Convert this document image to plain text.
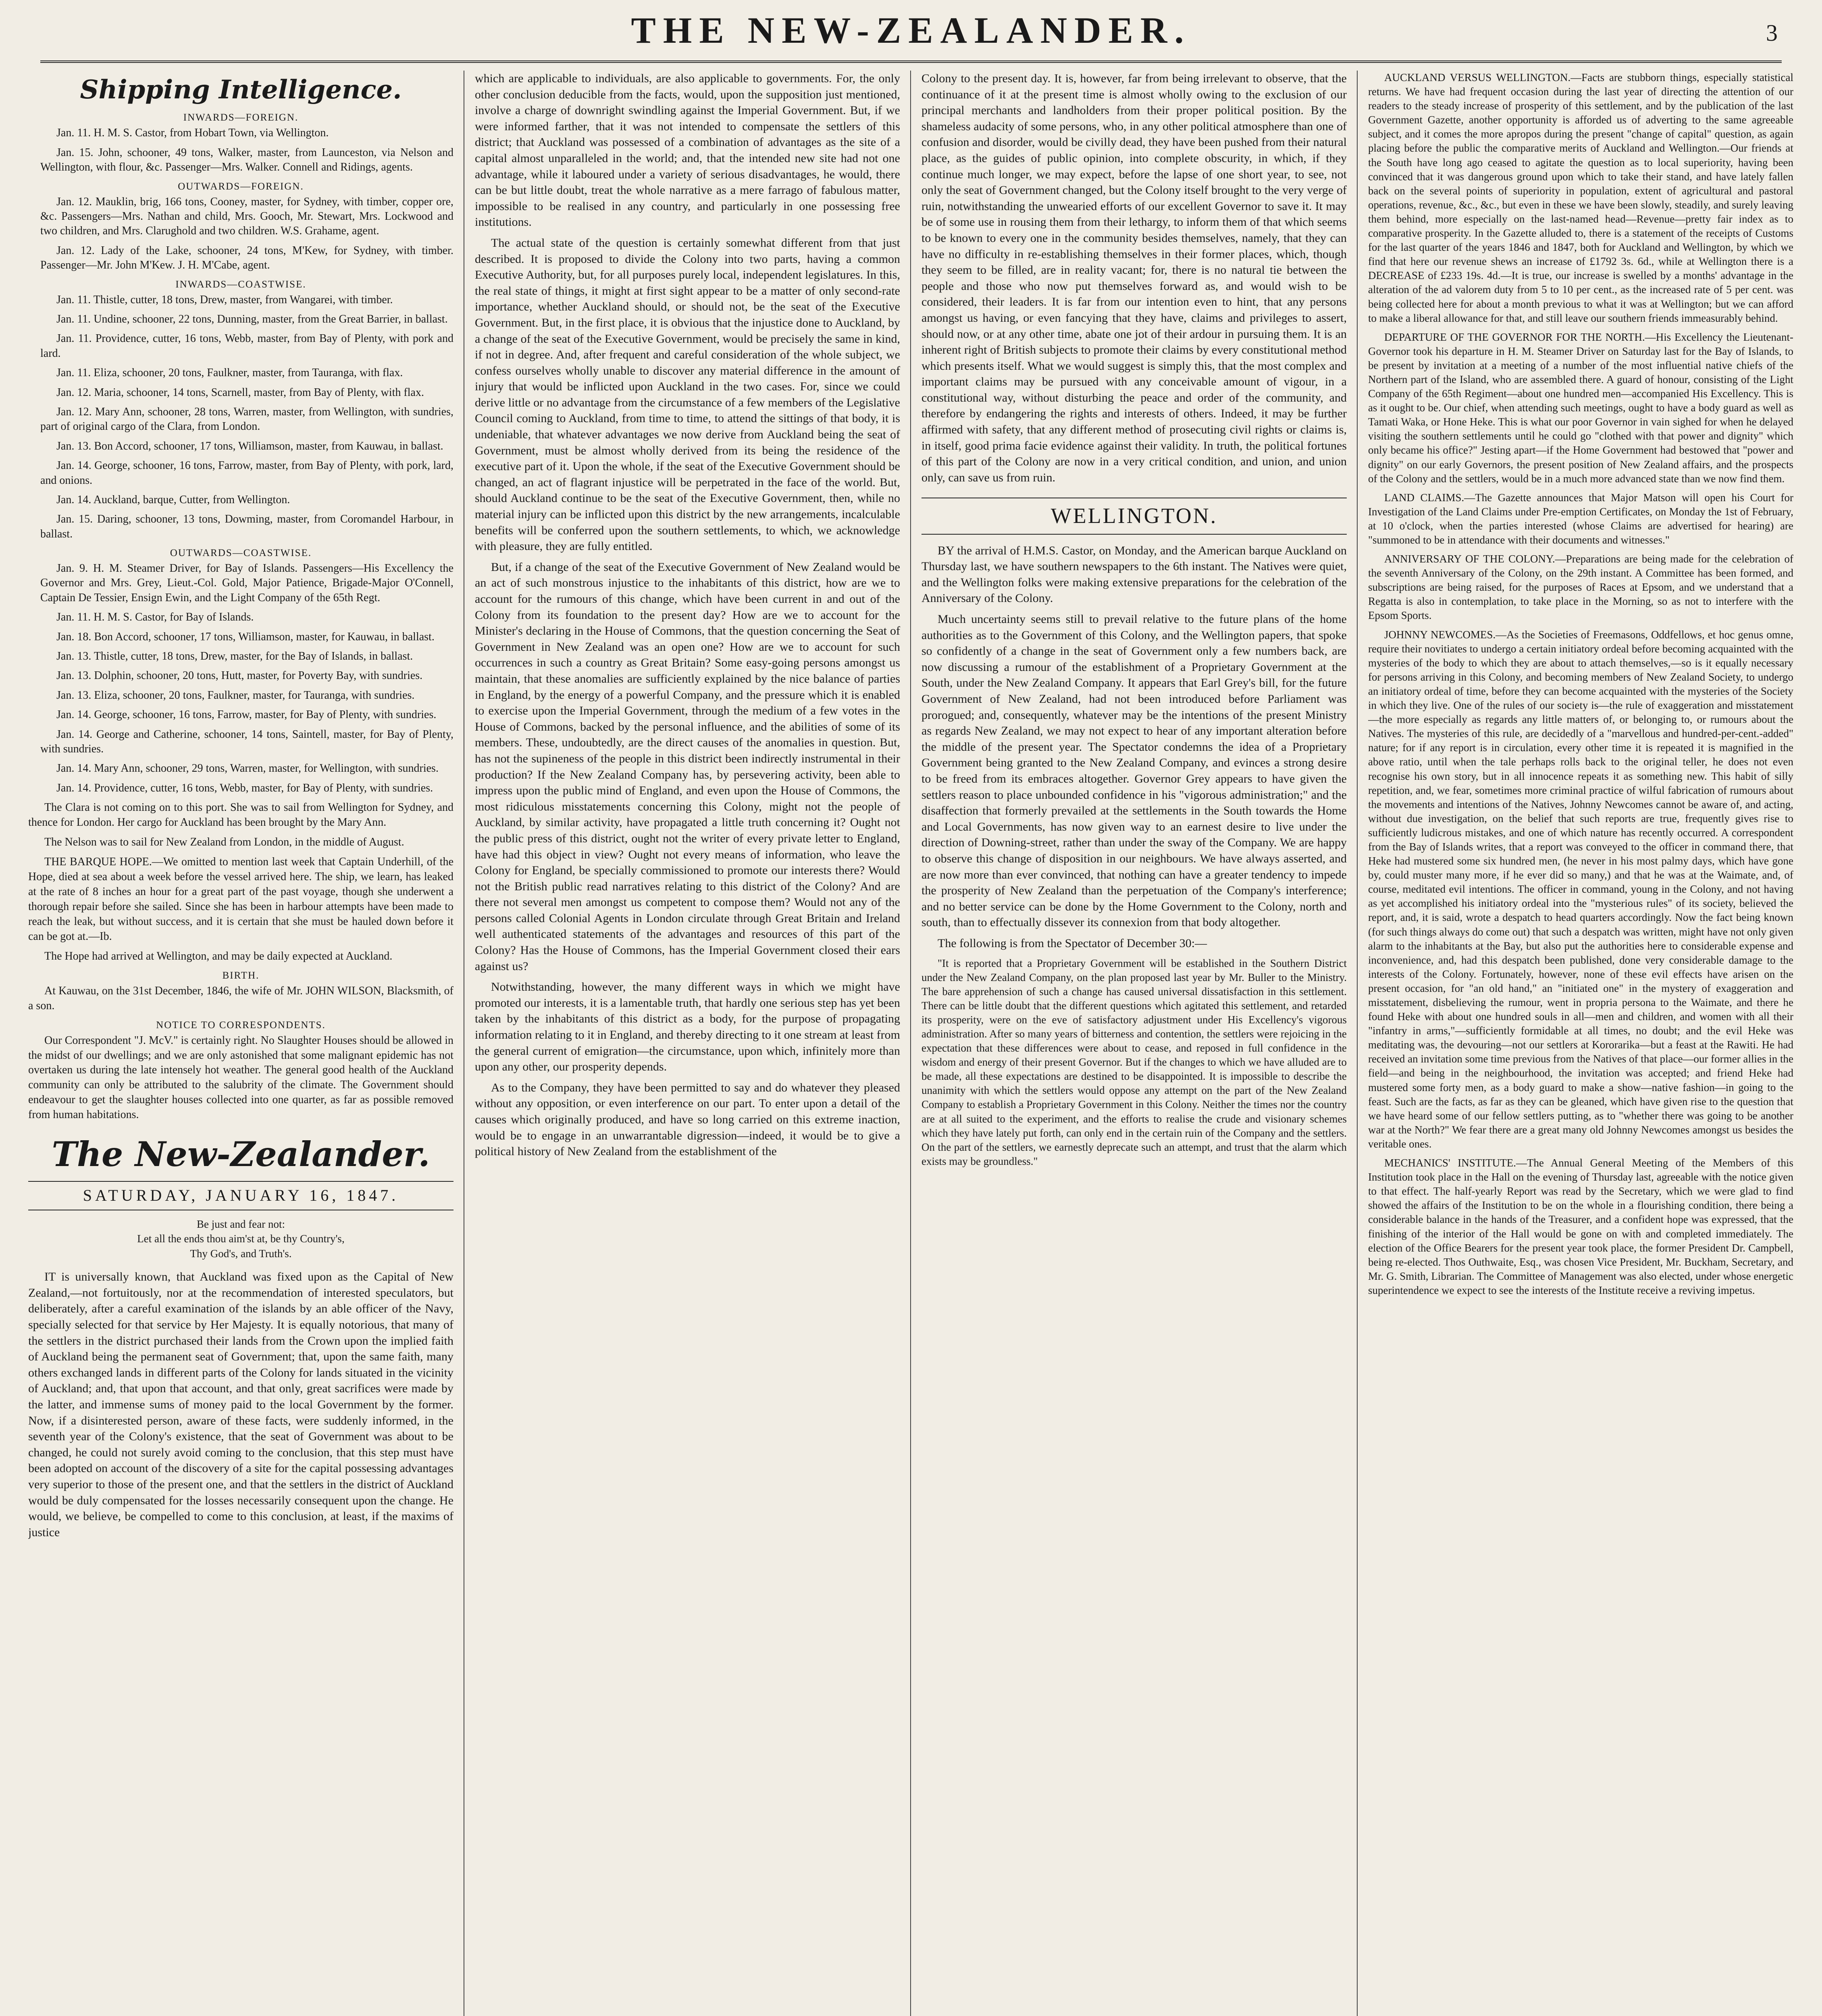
THE NEW-ZEALANDER.	3
Shipping Intelligence.
INWARDS—FOREIGN.

Jan. 11. H. M. S. Castor, from Hobart Town, via Wellington.

Jan. 15. John, schooner, 49 tons, Walker, master, from Launceston, via Nelson and Wellington, with flour, &c. Passenger—Mrs. Walker. Connell and Ridings, agents.

OUTWARDS—FOREIGN.

Jan. 12. Mauklin, brig, 166 tons, Cooney, master, for Sydney, with timber, copper ore, &c. Passengers—Mrs. Nathan and child, Mrs. Gooch, Mr. Stewart, Mrs. Lockwood and two children, and Mrs. Clarughold and two children. W.S. Grahame, agent.

Jan. 12. Lady of the Lake, schooner, 24 tons, M'Kew, for Sydney, with timber. Passenger—Mr. John M'Kew. J. H. M'Cabe, agent.

INWARDS—COASTWISE.

Jan. 11. Thistle, cutter, 18 tons, Drew, master, from Wangarei, with timber.

Jan. 11. Undine, schooner, 22 tons, Dunning, master, from the Great Barrier, in ballast.

Jan. 11. Providence, cutter, 16 tons, Webb, master, from Bay of Plenty, with pork and lard.

Jan. 11. Eliza, schooner, 20 tons, Faulkner, master, from Tauranga, with flax.

Jan. 12. Maria, schooner, 14 tons, Scarnell, master, from Bay of Plenty, with flax.

Jan. 12. Mary Ann, schooner, 28 tons, Warren, master, from Wellington, with sundries, part of original cargo of the Clara, from London.

Jan. 13. Bon Accord, schooner, 17 tons, Williamson, master, from Kauwau, in ballast.

Jan. 14. George, schooner, 16 tons, Farrow, master, from Bay of Plenty, with pork, lard, and onions.

Jan. 14. Auckland, barque, Cutter, from Wellington.

Jan. 15. Daring, schooner, 13 tons, Dowming, master, from Coromandel Harbour, in ballast.

OUTWARDS—COASTWISE.

Jan. 9. H. M. Steamer Driver, for Bay of Islands. Passengers—His Excellency the Governor and Mrs. Grey, Lieut.-Col. Gold, Major Patience, Brigade-Major O'Connell, Captain De Tessier, Ensign Ewin, and the Light Company of the 65th Regt.

Jan. 11. H. M. S. Castor, for Bay of Islands.

Jan. 18. Bon Accord, schooner, 17 tons, Williamson, master, for Kauwau, in ballast.

Jan. 13. Thistle, cutter, 18 tons, Drew, master, for the Bay of Islands, in ballast.

Jan. 13. Dolphin, schooner, 20 tons, Hutt, master, for Poverty Bay, with sundries.

Jan. 13. Eliza, schooner, 20 tons, Faulkner, master, for Tauranga, with sundries.

Jan. 14. George, schooner, 16 tons, Farrow, master, for Bay of Plenty, with sundries.

Jan. 14. George and Catherine, schooner, 14 tons, Saintell, master, for Bay of Plenty, with sundries.

Jan. 14. Mary Ann, schooner, 29 tons, Warren, master, for Wellington, with sundries.

Jan. 14. Providence, cutter, 16 tons, Webb, master, for Bay of Plenty, with sundries.

The Clara is not coming on to this port. She was to sail from Wellington for Sydney, and thence for London. Her cargo for Auckland has been brought by the Mary Ann.

The Nelson was to sail for New Zealand from London, in the middle of August.

THE BARQUE HOPE.—We omitted to mention last week that Captain Underhill, of the Hope, died at sea about a week before the vessel arrived here. The ship, we learn, has leaked at the rate of 8 inches an hour for a great part of the past voyage, though she underwent a thorough repair before she sailed. Since she has been in harbour attempts have been made to reach the leak, but without success, and it is certain that she must be hauled down before it can be got at.—Ib.

The Hope had arrived at Wellington, and may be daily expected at Auckland.

BIRTH.

At Kauwau, on the 31st December, 1846, the wife of Mr. JOHN WILSON, Blacksmith, of a son.

NOTICE TO CORRESPONDENTS.

Our Correspondent "J. McV." is certainly right. No Slaughter Houses should be allowed in the midst of our dwellings; and we are only astonished that some malignant epidemic has not overtaken us during the late intensely hot weather. The general good health of the Auckland community can only be attributed to the salubrity of the climate. The Government should endeavour to get the slaughter houses collected into one quarter, as far as possible removed from human habitations.

The New-Zealander.
SATURDAY, JANUARY 16, 1847.
Be just and fear not:
Let all the ends thou aim'st at, be thy Country's,
Thy God's, and Truth's.

IT is universally known, that Auckland was fixed upon as the Capital of New Zealand,—not fortuitously, nor at the recommendation of interested speculators, but deliberately, after a careful examination of the islands by an able officer of the Navy, specially selected for that service by Her Majesty. It is equally notorious, that many of the settlers in the district purchased their lands from the Crown upon the implied faith of Auckland being the permanent seat of Government; that, upon the same faith, many others exchanged lands in different parts of the Colony for lands situated in the vicinity of Auckland; and, that upon that account, and that only, great sacrifices were made by the latter, and immense sums of money paid to the local Government by the former. Now, if a disinterested person, aware of these facts, were suddenly informed, in the seventh year of the Colony's existence, that the seat of Government was about to be changed, he could not surely avoid coming to the conclusion, that this step must have been adopted on account of the discovery of a site for the capital possessing advantages very superior to those of the present one, and that the settlers in the district of Auckland would be duly compensated for the losses necessarily consequent upon the change. He would, we believe, be compelled to come to this conclusion, at least, if the maxims of justice

which are applicable to individuals, are also applicable to governments. For, the only other conclusion deducible from the facts, would, upon the supposition just mentioned, involve a charge of downright swindling against the Imperial Government. But, if we were informed farther, that it was not intended to compensate the settlers of this district; that Auckland was possessed of a combination of advantages as the site of a capital almost unparalleled in the world; and, that the intended new site had not one advantage, while it laboured under a variety of serious disadvantages, he would, there can be but little doubt, treat the whole narrative as a mere farrago of fabulous matter, impossible to be realised in any country, and particularly in one possessing free institutions.

The actual state of the question is certainly somewhat different from that just described. It is proposed to divide the Colony into two parts, having a common Executive Authority, but, for all purposes purely local, independent legislatures. In this, the real state of things, it might at first sight appear to be a matter of only second-rate importance, whether Auckland should, or should not, be the seat of the Executive Government. But, in the first place, it is obvious that the injustice done to Auckland, by a change of the seat of the Executive Government, would be precisely the same in kind, if not in degree. And, after frequent and careful consideration of the whole subject, we confess ourselves wholly unable to discover any material difference in the amount of injury that would be inflicted upon Auckland in the two cases. For, since we could derive little or no advantage from the circumstance of a few members of the Legislative Council coming to Auckland, from time to time, to attend the sittings of that body, it is undeniable, that whatever advantages we now derive from Auckland being the seat of Government, must be almost wholly derived from its being the residence of the executive part of it. Upon the whole, if the seat of the Executive Government should be changed, an act of flagrant injustice will be perpetrated in the face of the world. But, should Auckland continue to be the seat of the Executive Government, then, while no material injury can be inflicted upon this district by the new arrangements, incalculable benefits will be conferred upon the southern settlements, to which, we acknowledge with pleasure, they are fully entitled.

But, if a change of the seat of the Executive Government of New Zealand would be an act of such monstrous injustice to the inhabitants of this district, how are we to account for the rumours of this change, which have been current in and out of the Colony from its foundation to the present day? How are we to account for the Minister's declaring in the House of Commons, that the question concerning the Seat of Government in New Zealand was an open one? How are we to account for such occurrences in such a country as Great Britain? Some easy-going persons amongst us maintain, that these anomalies are sufficiently explained by the nice balance of parties in England, by the energy of a powerful Company, and the pressure which it is enabled to exercise upon the Imperial Government, through the medium of a few votes in the House of Commons, backed by the personal influence, and the abilities of some of its members. These, undoubtedly, are the direct causes of the anomalies in question. But, has not the supineness of the people in this district been indirectly instrumental in their production? If the New Zealand Company has, by persevering activity, been able to impress upon the public mind of England, and even upon the House of Commons, the most ridiculous misstatements concerning this Colony, might not the people of Auckland, by similar activity, have propagated a little truth concerning it? Ought not the public press of this district, ought not the writer of every private letter to England, have had this object in view? Ought not every means of information, who leave the Colony for England, be specially commissioned to promote our interests there? Would not the British public read narratives relating to this district of the Colony? And are there not several men amongst us competent to compose them? Would not any of the persons called Colonial Agents in London circulate through Great Britain and Ireland well authenticated statements of the advantages and resources of this part of the Colony? Has the House of Commons, has the Imperial Government closed their ears against us?

Notwithstanding, however, the many different ways in which we might have promoted our interests, it is a lamentable truth, that hardly one serious step has yet been taken by the inhabitants of this district as a body, for the purpose of propagating information relating to it in England, and thereby directing to it one stream at least from the general current of emigration—the circumstance, upon which, infinitely more than upon any other, our prosperity depends.

As to the Company, they have been permitted to say and do whatever they pleased without any opposition, or even interference on our part. To enter upon a detail of the causes which originally produced, and have so long carried on this extreme inaction, would be to engage in an unwarrantable digression—indeed, it would be to give a political history of New Zealand from the establishment of the

Colony to the present day. It is, however, far from being irrelevant to observe, that the continuance of it at the present time is almost wholly owing to the exclusion of our principal merchants and landholders from their proper political position. By the shameless audacity of some persons, who, in any other political atmosphere than one of confusion and disorder, would be civilly dead, they have been pushed from their natural place, as the guides of public opinion, into complete obscurity, in which, if they continue much longer, we may expect, before the lapse of one short year, to see, not only the seat of Government changed, but the Colony itself brought to the very verge of ruin, notwithstanding the unwearied efforts of our excellent Governor to save it. It may be of some use in rousing them from their lethargy, to inform them of that which seems to be known to every one in the community besides themselves, namely, that they can have no difficulty in re-establishing themselves in their former places, which, though they seem to be filled, are in reality vacant; for, there is no natural tie between the people and those who now put themselves forward as, and would wish to be considered, their leaders. It is far from our intention even to hint, that any persons amongst us having, or even fancying that they have, claims and privileges to assert, should now, or at any other time, abate one jot of their ardour in pursuing them. It is an inherent right of British subjects to promote their claims by every constitutional method which presents itself. What we would suggest is simply this, that the most complex and important claims may be pursued with any conceivable amount of vigour, in a constitutional way, without disturbing the peace and order of the community, and therefore by endangering the rights and interests of others. Indeed, it may be further affirmed with safety, that any different method of prosecuting civil rights or claims is, in itself, good prima facie evidence against their validity. In truth, the political fortunes of this part of the Colony are now in a very critical condition, and union, and union only, can save us from ruin.

WELLINGTON.

BY the arrival of H.M.S. Castor, on Monday, and the American barque Auckland on Thursday last, we have southern newspapers to the 6th instant. The Natives were quiet, and the Wellington folks were making extensive preparations for the celebration of the Anniversary of the Colony.

Much uncertainty seems still to prevail relative to the future plans of the home authorities as to the Government of this Colony, and the Wellington papers, that spoke so confidently of a change in the seat of Government only a few numbers back, are now discussing a rumour of the establishment of a Proprietary Government at the South, under the New Zealand Company. It appears that Earl Grey's bill, for the future Government of New Zealand, had not been introduced before Parliament was prorogued; and, consequently, whatever may be the intentions of the present Ministry as regards New Zealand, we may not expect to hear of any important alteration before the middle of the present year. The Spectator condemns the idea of a Proprietary Government being granted to the New Zealand Company, and evinces a strong desire to be freed from its embraces altogether. Governor Grey appears to have given the settlers reason to place unbounded confidence in his "vigorous administration;" and the disaffection that formerly prevailed at the settlements in the South towards the Home and Local Governments, has now given way to an earnest desire to live under the direction of Downing-street, rather than under the sway of the Company. We are happy to observe this change of disposition in our neighbours. We have always asserted, and are now more than ever convinced, that nothing can have a greater tendency to impede the prosperity of New Zealand than the perpetuation of the Company's interference; and no better service can be done by the Home Government to the Colony, north and south, than to effectually dissever its connexion from that body altogether.

The following is from the Spectator of December 30:—

"It is reported that a Proprietary Government will be established in the Southern District under the New Zealand Company, on the plan proposed last year by Mr. Buller to the Ministry. The bare apprehension of such a change has caused universal dissatisfaction in this settlement. There can be little doubt that the different questions which agitated this settlement, and retarded its prosperity, were on the eve of satisfactory adjustment under His Excellency's vigorous administration. After so many years of bitterness and contention, the settlers were rejoicing in the expectation that these differences were about to cease, and reposed in full confidence in the wisdom and energy of their present Governor. But if the changes to which we have alluded are to be made, all these expectations are destined to be disappointed. It is impossible to describe the unanimity with which the settlers would oppose any attempt on the part of the New Zealand Company to establish a Proprietary Government in this Colony. Neither the times nor the country are at all suited to the experiment, and the efforts to realise the crude and visionary schemes which they have lately put forth, can only end in the certain ruin of the Company and the settlers. On the part of the settlers, we earnestly deprecate such an attempt, and trust that the alarm which exists may be groundless."

AUCKLAND VERSUS WELLINGTON.—Facts are stubborn things, especially statistical returns. We have had frequent occasion during the last year of directing the attention of our readers to the steady increase of prosperity of this settlement, and by the publication of the last Government Gazette, another opportunity is afforded us of adverting to the same agreeable subject, and it comes the more apropos during the present "change of capital" question, as again placing before the public the comparative merits of Auckland and Wellington.—Our friends at the South have long ago ceased to agitate the question as to local superiority, having been convinced that it was dangerous ground upon which to take their stand, and have lately fallen back on the several points of superiority in population, extent of agricultural and pastoral operations, revenue, &c., &c., but even in these we have been slowly, steadily, and surely leaving them behind, more especially on the last-named head—Revenue—pretty fair index as to comparative prosperity. In the Gazette alluded to, there is a statement of the receipts of Customs for the last quarter of the years 1846 and 1847, both for Auckland and Wellington, by which we find that here our revenue shews an increase of £1792 3s. 6d., while at Wellington there is a DECREASE of £233 19s. 4d.—It is true, our increase is swelled by a months' advantage in the alteration of the ad valorem duty from 5 to 10 per cent., as the increased rate of 5 per cent. was being collected here for about a month previous to what it was at Wellington; but we can afford to make a liberal allowance for that, and still leave our southern friends immeasurably behind.

DEPARTURE OF THE GOVERNOR FOR THE NORTH.—His Excellency the Lieutenant-Governor took his departure in H. M. Steamer Driver on Saturday last for the Bay of Islands, to be present by invitation at a meeting of a number of the most influential native chiefs of the Northern part of the Island, who are assembled there. A guard of honour, consisting of the Light Company of the 65th Regiment—about one hundred men—accompanied His Excellency. This is as it ought to be. Our chief, when attending such meetings, ought to have a body guard as well as Tamati Waka, or Hone Heke. This is what our poor Governor in vain sighed for when he delayed visiting the southern settlements until he could go "clothed with that power and dignity" which only became his office?" Jesting apart—if the Home Government had bestowed that "power and dignity" on our early Governors, the present position of New Zealand affairs, and the prospects of the Colony and the settlers, would be in a much more advanced state than we now find them.

LAND CLAIMS.—The Gazette announces that Major Matson will open his Court for Investigation of the Land Claims under Pre-emption Certificates, on Monday the 1st of February, at 10 o'clock, when the parties interested (whose Claims are advertised for hearing) are "summoned to be in attendance with their documents and witnesses."

ANNIVERSARY OF THE COLONY.—Preparations are being made for the celebration of the seventh Anniversary of the Colony, on the 29th instant. A Committee has been formed, and subscriptions are being raised, for the purposes of Races at Epsom, and we understand that a Regatta is also in contemplation, to take place in the Morning, so as not to interfere with the Epsom Sports.

JOHNNY NEWCOMES.—As the Societies of Freemasons, Oddfellows, et hoc genus omne, require their novitiates to undergo a certain initiatory ordeal before becoming acquainted with the mysteries of the body to which they are about to attach themselves,—so is it equally necessary for persons arriving in this Colony, and becoming members of New Zealand Society, to undergo an initiatory ordeal of time, before they can become acquainted with the mysteries of the Society in which they live. One of the rules of our society is—the rule of exaggeration and misstatement—the more especially as regards any little matters of, or belonging to, or rumours about the Natives. The mysteries of this rule, are decidedly of a "marvellous and hundred-per-cent.-added" nature; for if any report is in circulation, every other time it is repeated it is magnified in the above ratio, until when the tale perhaps rolls back to the original teller, he does not even recognise his own story, but in all innocence repeats it as something new. This habit of silly repetition, and, we fear, sometimes more criminal practice of wilful fabrication of rumours about the movements and intentions of the Natives, Johnny Newcomes cannot be aware of, and acting, without due investigation, on the belief that such reports are true, frequently gives rise to sufficiently ludicrous mistakes, and one of which nature has recently occurred. A correspondent from the Bay of Islands writes, that a report was conveyed to the officer in command there, that Heke had mustered some six hundred men, (he never in his most palmy days, which have gone by, could muster many more, if he ever did so many,) and that he was at the Waimate, and, of course, meditated evil intentions. The officer in command, young in the Colony, and not having as yet accomplished his initiatory ordeal into the "mysterious rules" of its society, believed the report, and, it is said, wrote a despatch to head quarters accordingly. Now the fact being known (for such things always do come out) that such a despatch was written, might have not only given alarm to the inhabitants at the Bay, but also put the authorities here to considerable expense and inconvenience, and, had this despatch been published, done very considerable damage to the interests of the Colony. Fortunately, however, none of these evil effects have arisen on the present occasion, for "an old hand," an "initiated one" in the mystery of exaggeration and misstatement, disbelieving the rumour, went in propria persona to the Waimate, and there he found Heke with about one hundred souls in all—men and children, and women with all their "infantry in arms,"—sufficiently formidable at all times, no doubt; and the evil Heke was meditating was, the devouring—not our settlers at Kororarika—but a feast at the Rawiti. He had received an invitation some time previous from the Natives of that place—our former allies in the field—and being in the neighbourhood, the invitation was accepted; and friend Heke had mustered some forty men, as a body guard to make a show—native fashion—in going to the feast. Such are the facts, as far as they can be gleaned, which have given rise to the question that we have heard some of our fellow settlers putting, as to "whether there was going to be another war at the North?" We fear there are a great many old Johnny Newcomes amongst us besides the veritable ones.

MECHANICS' INSTITUTE.—The Annual General Meeting of the Members of this Institution took place in the Hall on the evening of Thursday last, agreeable with the notice given to that effect. The half-yearly Report was read by the Secretary, which we were glad to find showed the affairs of the Institution to be on the whole in a flourishing condition, there being a considerable balance in the hands of the Treasurer, and a confident hope was expressed, that the finishing of the interior of the Hall would be gone on with and completed immediately. The election of the Office Bearers for the present year took place, the former President Dr. Campbell, being re-elected. Thos Outhwaite, Esq., was chosen Vice President, Mr. Buckham, Secretary, and Mr. G. Smith, Librarian. The Committee of Management was also elected, under whose energetic superintendence we expect to see the interests of the Institute receive a reviving impetus.
